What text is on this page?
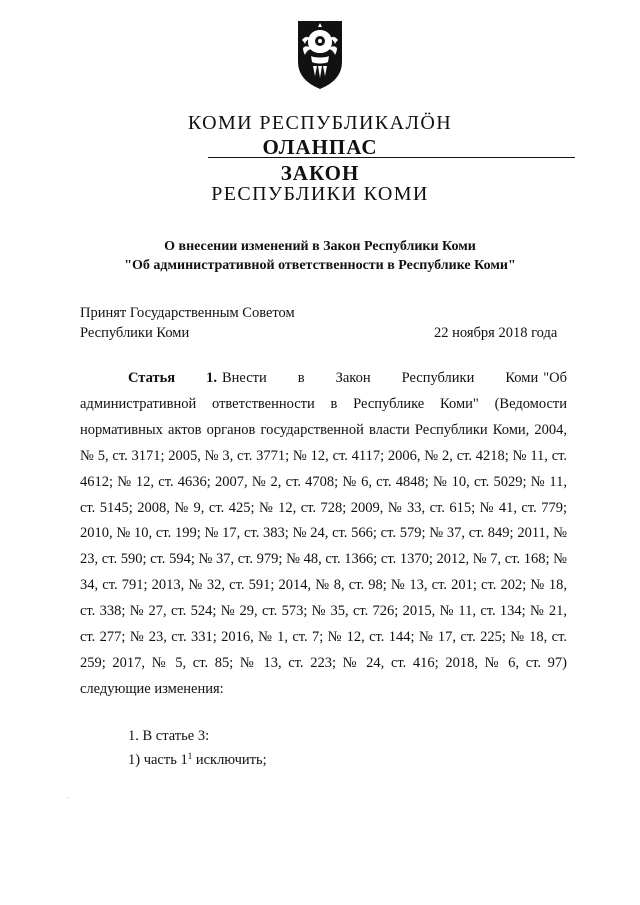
КОМИ РЕСПУБЛИКАЛÖН
ОЛАНПАС
ЗАКОН
РЕСПУБЛИКИ КОМИ
О внесении изменений в Закон Республики Коми
"Об административной ответственности в Республике Коми"
Принят Государственным Советом
Республики Коми	22 ноября 2018 года
Статья 1. Внести в Закон Республики Коми "Об административной ответственности в Республике Коми" (Ведомости нормативных актов органов государственной власти Республики Коми, 2004, № 5, ст. 3171; 2005, № 3, ст. 3771; № 12, ст. 4117; 2006, № 2, ст. 4218; № 11, ст. 4612; № 12, ст. 4636; 2007, № 2, ст. 4708; № 6, ст. 4848; № 10, ст. 5029; № 11, ст. 5145; 2008, № 9, ст. 425; № 12, ст. 728; 2009, № 33, ст. 615; № 41, ст. 779; 2010, № 10, ст. 199; № 17, ст. 383; № 24, ст. 566; ст. 579; № 37, ст. 849; 2011, № 23, ст. 590; ст. 594; № 37, ст. 979; № 48, ст. 1366; ст. 1370; 2012, № 7, ст. 168; № 34, ст. 791; 2013, № 32, ст. 591; 2014, № 8, ст. 98; № 13, ст. 201; ст. 202; № 18, ст. 338; № 27, ст. 524; № 29, ст. 573; № 35, ст. 726; 2015, № 11, ст. 134; № 21, ст. 277; № 23, ст. 331; 2016, № 1, ст. 7; № 12, ст. 144; № 17, ст. 225; № 18, ст. 259; 2017, № 5, ст. 85; № 13, ст. 223; № 24, ст. 416; 2018, № 6, ст. 97) следующие изменения:
1. В статье 3:
1) часть $1^1$ исключить;
